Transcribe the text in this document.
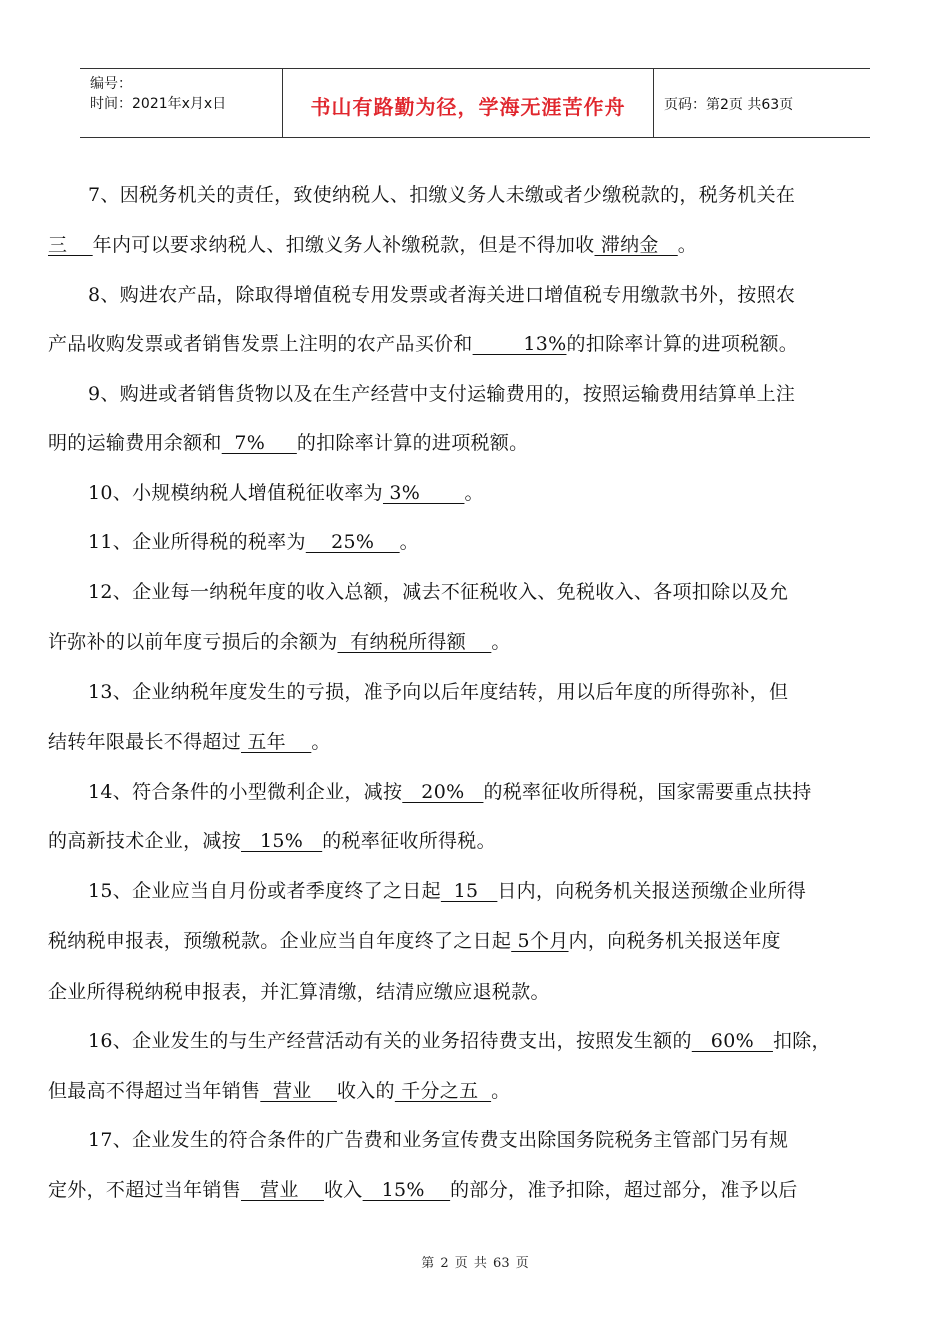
编号：
时间：2021年x月x日	书山有路勤为径，学海无涯苦作舟	页码：第2页 共63页
7、因税务机关的责任，致使纳税人、扣缴义务人未缴或者少缴税款的，税务机关在
三    年内可以要求纳税人、扣缴义务人补缴税款，但是不得加收 滞纳金   。
8、购进农产品，除取得增值税专用发票或者海关进口增值税专用缴款书外，按照农
产品收购发票或者销售发票上注明的农产品买价和        13%的扣除率计算的进项税额。
9、购进或者销售货物以及在生产经营中支付运输费用的，按照运输费用结算单上注
明的运输费用余额和  7%     的扣除率计算的进项税额。
10、小规模纳税人增值税征收率为 3%       。
11、企业所得税的税率为    25%    。
12、企业每一纳税年度的收入总额，减去不征税收入、免税收入、各项扣除以及允
许弥补的以前年度亏损后的余额为  有纳税所得额    。
13、企业纳税年度发生的亏损，准予向以后年度结转，用以后年度的所得弥补，但
结转年限最长不得超过 五年    。
14、符合条件的小型微利企业，减按   20%   的税率征收所得税，国家需要重点扶持
的高新技术企业，减按   15%   的税率征收所得税。
15、企业应当自月份或者季度终了之日起  15   日内，向税务机关报送预缴企业所得
税纳税申报表，预缴税款。企业应当自年度终了之日起 5个月内，向税务机关报送年度
企业所得税纳税申报表，并汇算清缴，结清应缴应退税款。
16、企业发生的与生产经营活动有关的业务招待费支出，按照发生额的   60%   扣除，
但最高不得超过当年销售  营业    收入的 千分之五  。
17、企业发生的符合条件的广告费和业务宣传费支出除国务院税务主管部门另有规
定外，不超过当年销售   营业    收入   15%    的部分，准予扣除，超过部分，准予以后
第 2 页 共 63 页
